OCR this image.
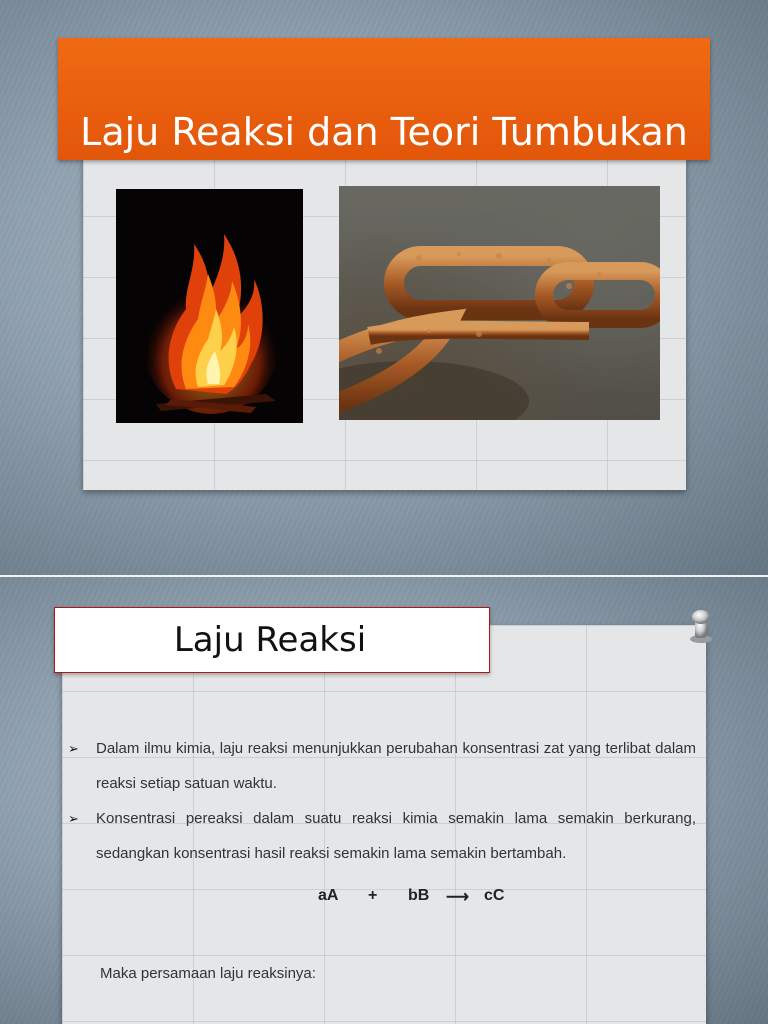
Laju Reaksi dan Teori Tumbukan
Laju Reaksi
➢ Dalam ilmu kimia, laju reaksi menunjukkan perubahan konsentrasi zat yang terlibat dalam reaksi setiap satuan waktu.
➢ Konsentrasi pereaksi dalam suatu reaksi kimia semakin lama semakin berkurang, sedangkan konsentrasi hasil reaksi semakin lama semakin bertambah.
aA	+	bB	⟶ cC
Maka persamaan laju reaksinya:
